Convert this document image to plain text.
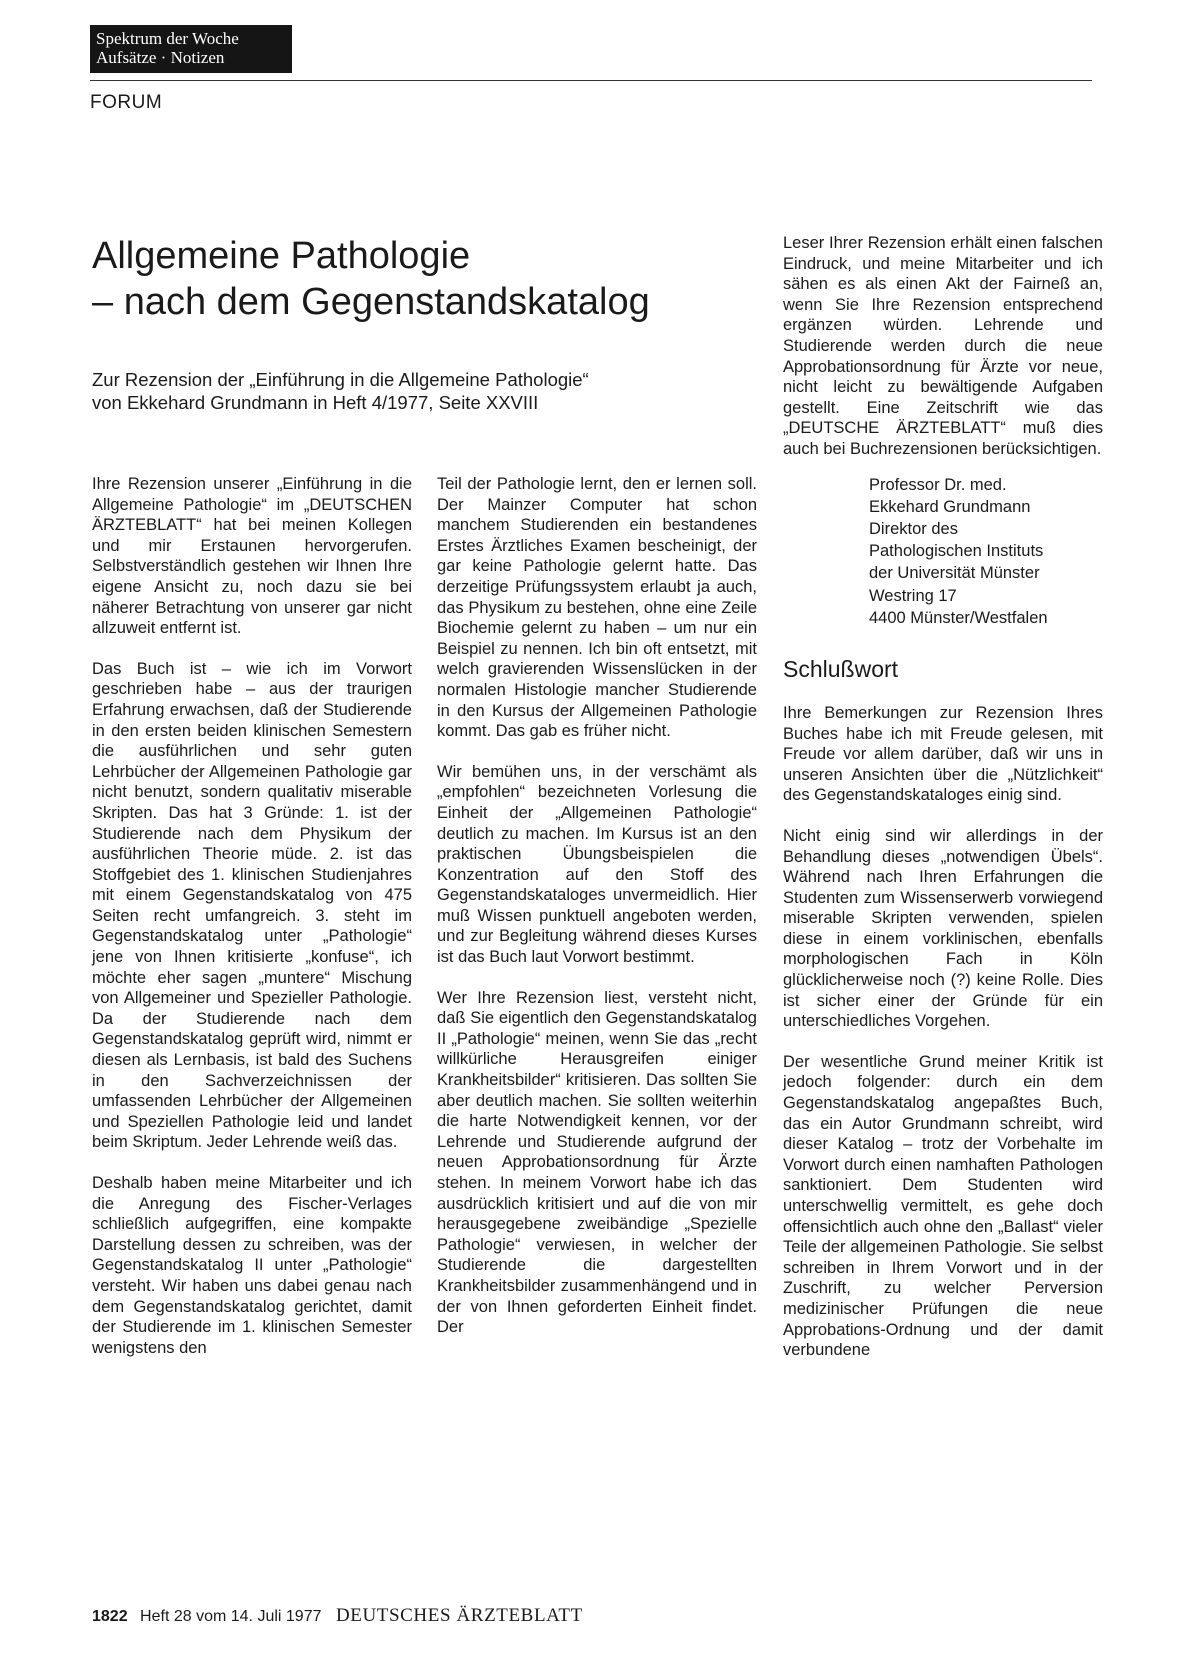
Spektrum der Woche
Aufsätze · Notizen
FORUM
Allgemeine Pathologie
– nach dem Gegenstandskatalog
Zur Rezension der „Einführung in die Allgemeine Pathologie“
von Ekkehard Grundmann in Heft 4/1977, Seite XXVIII

Ihre Rezension unserer „Einführung in die Allgemeine Pathologie“ im „DEUTSCHEN ÄRZTEBLATT“ hat bei meinen Kollegen und mir Erstaunen hervorgerufen. Selbstverständlich gestehen wir Ihnen Ihre eigene Ansicht zu, noch dazu sie bei näherer Betrachtung von unserer gar nicht allzuweit entfernt ist.

Das Buch ist – wie ich im Vorwort geschrieben habe – aus der traurigen Erfahrung erwachsen, daß der Studierende in den ersten beiden klinischen Semestern die ausführlichen und sehr guten Lehrbücher der Allgemeinen Pathologie gar nicht benutzt, sondern qualitativ miserable Skripten. Das hat 3 Gründe: 1. ist der Studierende nach dem Physikum der ausführlichen Theorie müde. 2. ist das Stoffgebiet des 1. klinischen Studienjahres mit einem Gegenstandskatalog von 475 Seiten recht umfangreich. 3. steht im Gegenstandskatalog unter „Pathologie“ jene von Ihnen kritisierte „konfuse“, ich möchte eher sagen „muntere“ Mischung von Allgemeiner und Spezieller Pathologie. Da der Studierende nach dem Gegenstandskatalog geprüft wird, nimmt er diesen als Lernbasis, ist bald des Suchens in den Sachverzeichnissen der umfassenden Lehrbücher der Allgemeinen und Speziellen Pathologie leid und landet beim Skriptum. Jeder Lehrende weiß das.

Deshalb haben meine Mitarbeiter und ich die Anregung des Fischer-Verlages schließlich aufgegriffen, eine kompakte Darstellung dessen zu schreiben, was der Gegenstandskatalog II unter „Pathologie“ versteht. Wir haben uns dabei genau nach dem Gegenstandskatalog gerichtet, damit der Studierende im 1. klinischen Semester wenigstens den

Teil der Pathologie lernt, den er lernen soll. Der Mainzer Computer hat schon manchem Studierenden ein bestandenes Erstes Ärztliches Examen bescheinigt, der gar keine Pathologie gelernt hatte. Das derzeitige Prüfungssystem erlaubt ja auch, das Physikum zu bestehen, ohne eine Zeile Biochemie gelernt zu haben – um nur ein Beispiel zu nennen. Ich bin oft entsetzt, mit welch gravierenden Wissenslücken in der normalen Histologie mancher Studierende in den Kursus der Allgemeinen Pathologie kommt. Das gab es früher nicht.

Wir bemühen uns, in der verschämt als „empfohlen“ bezeichneten Vorlesung die Einheit der „Allgemeinen Pathologie“ deutlich zu machen. Im Kursus ist an den praktischen Übungsbeispielen die Konzentration auf den Stoff des Gegenstandskataloges unvermeidlich. Hier muß Wissen punktuell angeboten werden, und zur Begleitung während dieses Kurses ist das Buch laut Vorwort bestimmt.

Wer Ihre Rezension liest, versteht nicht, daß Sie eigentlich den Gegenstandskatalog II „Pathologie“ meinen, wenn Sie das „recht willkürliche Herausgreifen einiger Krankheitsbilder“ kritisieren. Das sollten Sie aber deutlich machen. Sie sollten weiterhin die harte Notwendigkeit kennen, vor der Lehrende und Studierende aufgrund der neuen Approbationsordnung für Ärzte stehen. In meinem Vorwort habe ich das ausdrücklich kritisiert und auf die von mir herausgegebene zweibändige „Spezielle Pathologie“ verwiesen, in welcher der Studierende die dargestellten Krankheitsbilder zusammenhängend und in der von Ihnen geforderten Einheit findet. Der

Leser Ihrer Rezension erhält einen falschen Eindruck, und meine Mitarbeiter und ich sähen es als einen Akt der Fairneß an, wenn Sie Ihre Rezension entsprechend ergänzen würden. Lehrende und Studierende werden durch die neue Approbationsordnung für Ärzte vor neue, nicht leicht zu bewältigende Aufgaben gestellt. Eine Zeitschrift wie das „DEUTSCHE ÄRZTEBLATT“ muß dies auch bei Buchrezensionen berücksichtigen.

Professor Dr. med.
Ekkehard Grundmann
Direktor des
Pathologischen Instituts
der Universität Münster
Westring 17
4400 Münster/Westfalen
Schlußwort

Ihre Bemerkungen zur Rezension Ihres Buches habe ich mit Freude gelesen, mit Freude vor allem darüber, daß wir uns in unseren Ansichten über die „Nützlichkeit“ des Gegenstandskataloges einig sind.

Nicht einig sind wir allerdings in der Behandlung dieses „notwendigen Übels“. Während nach Ihren Erfahrungen die Studenten zum Wissenserwerb vorwiegend miserable Skripten verwenden, spielen diese in einem vorklinischen, ebenfalls morphologischen Fach in Köln glücklicherweise noch (?) keine Rolle. Dies ist sicher einer der Gründe für ein unterschiedliches Vorgehen.

Der wesentliche Grund meiner Kritik ist jedoch folgender: durch ein dem Gegenstandskatalog angepaßtes Buch, das ein Autor Grundmann schreibt, wird dieser Katalog – trotz der Vorbehalte im Vorwort durch einen namhaften Pathologen sanktioniert. Dem Studenten wird unterschwellig vermittelt, es gehe doch offensichtlich auch ohne den „Ballast“ vieler Teile der allgemeinen Pathologie. Sie selbst schreiben in Ihrem Vorwort und in der Zuschrift, zu welcher Perversion medizinischer Prüfungen die neue Approbations-Ordnung und der damit verbundene

1822 Heft 28 vom 14. Juli 1977 DEUTSCHES ÄRZTEBLATT
